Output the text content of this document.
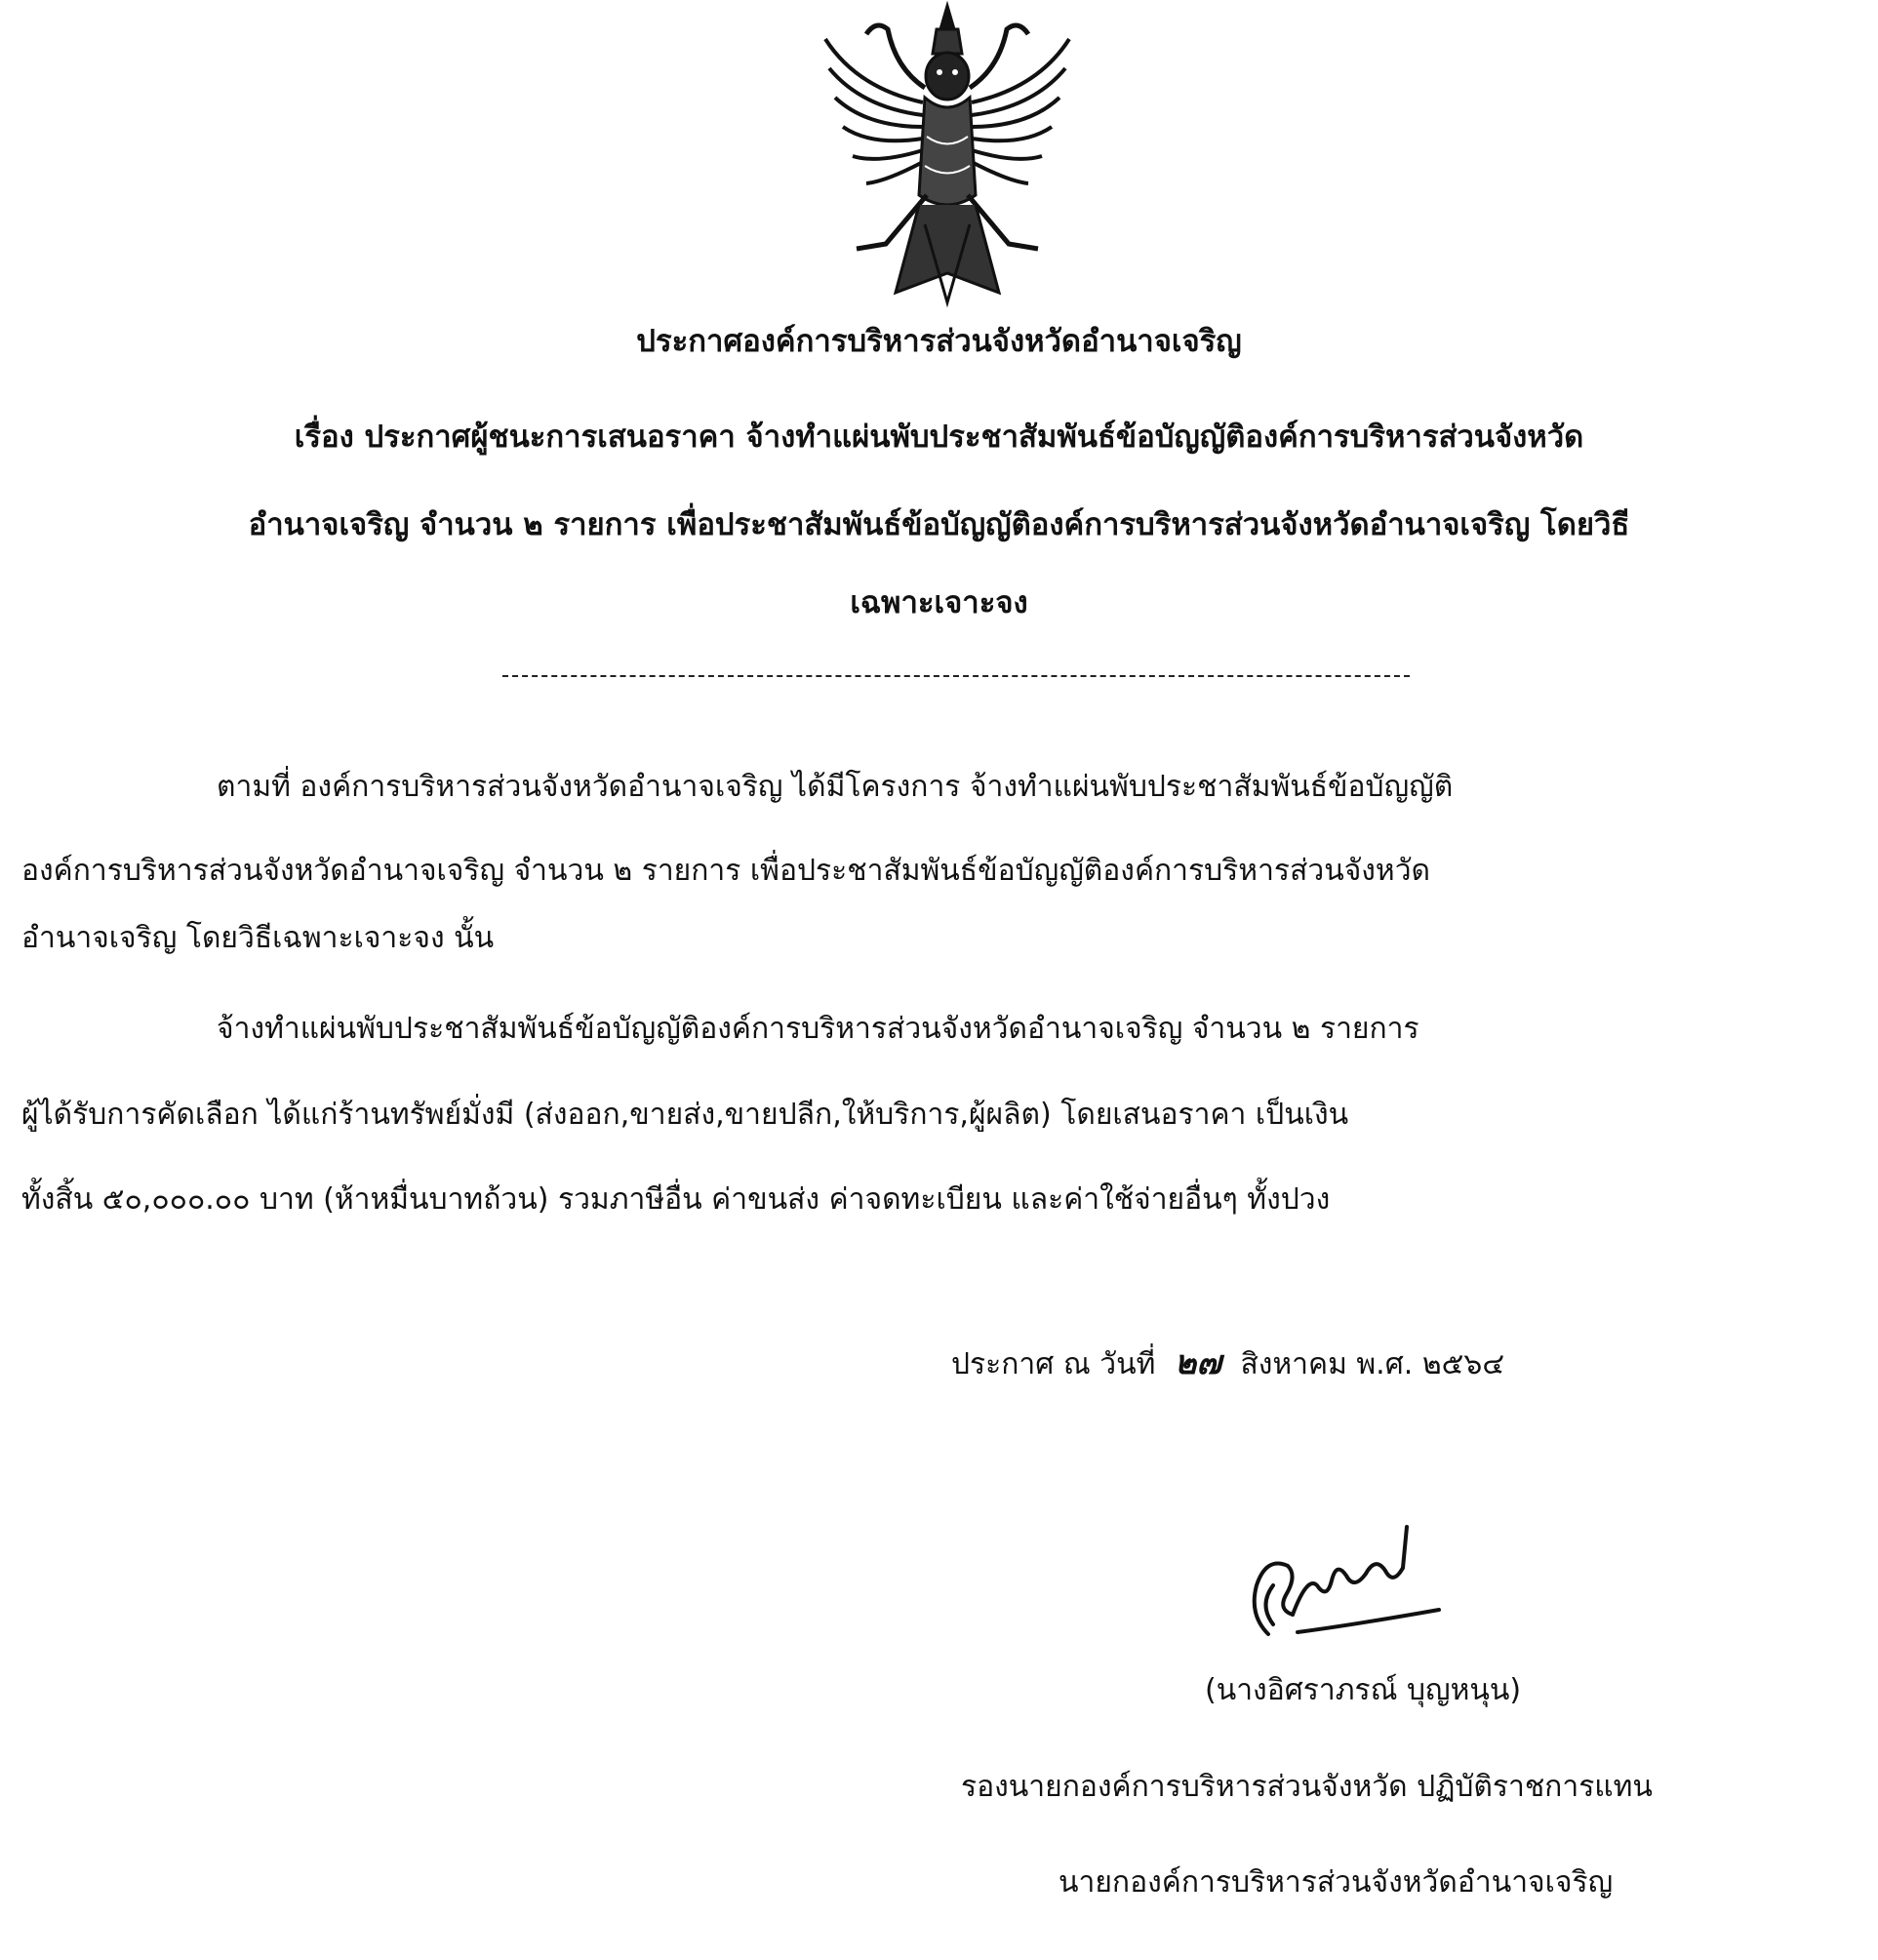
ประกาศองค์การบริหารส่วนจังหวัดอำนาจเจริญ
เรื่อง ประกาศผู้ชนะการเสนอราคา จ้างทำแผ่นพับประชาสัมพันธ์ข้อบัญญัติองค์การบริหารส่วนจังหวัด
อำนาจเจริญ จำนวน ๒ รายการ เพื่อประชาสัมพันธ์ข้อบัญญัติองค์การบริหารส่วนจังหวัดอำนาจเจริญ โดยวิธี
เฉพาะเจาะจง
ตามที่ องค์การบริหารส่วนจังหวัดอำนาจเจริญ ได้มีโครงการ จ้างทำแผ่นพับประชาสัมพันธ์ข้อบัญญัติ
องค์การบริหารส่วนจังหวัดอำนาจเจริญ จำนวน ๒ รายการ เพื่อประชาสัมพันธ์ข้อบัญญัติองค์การบริหารส่วนจังหวัด
อำนาจเจริญ โดยวิธีเฉพาะเจาะจง นั้น
จ้างทำแผ่นพับประชาสัมพันธ์ข้อบัญญัติองค์การบริหารส่วนจังหวัดอำนาจเจริญ จำนวน ๒ รายการ
ผู้ได้รับการคัดเลือก ได้แก่ร้านทรัพย์มั่งมี (ส่งออก,ขายส่ง,ขายปลีก,ให้บริการ,ผู้ผลิต) โดยเสนอราคา เป็นเงิน
ทั้งสิ้น ๕๐,๐๐๐.๐๐ บาท (ห้าหมื่นบาทถ้วน) รวมภาษีอื่น ค่าขนส่ง ค่าจดทะเบียน และค่าใช้จ่ายอื่นๆ ทั้งปวง
ประกาศ ณ วันที่ ๒๗ สิงหาคม พ.ศ. ๒๕๖๔
(นางอิศราภรณ์ บุญหนุน)
รองนายกองค์การบริหารส่วนจังหวัด ปฏิบัติราชการแทน
นายกองค์การบริหารส่วนจังหวัดอำนาจเจริญ
